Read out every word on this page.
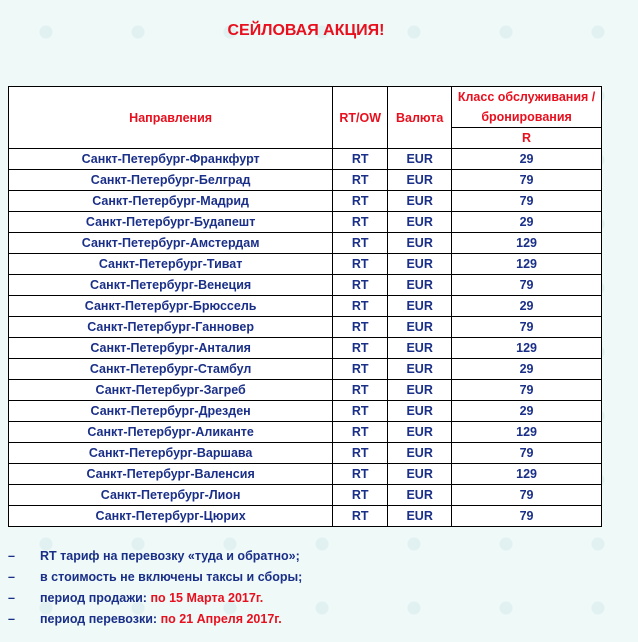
СЕЙЛОВАЯ АКЦИЯ!
Направления	RT/OW	Валюта	Класс обслуживания /
бронирования
			R
Санкт-Петербург-Франкфурт	RT	EUR	29
Санкт-Петербург-Белград	RT	EUR	79
Санкт-Петербург-Мадрид	RT	EUR	79
Санкт-Петербург-Будапешт	RT	EUR	29
Санкт-Петербург-Амстердам	RT	EUR	129
Санкт-Петербург-Тиват	RT	EUR	129
Санкт-Петербург-Венеция	RT	EUR	79
Санкт-Петербург-Брюссель	RT	EUR	29
Санкт-Петербург-Ганновер	RT	EUR	79
Санкт-Петербург-Анталия	RT	EUR	129
Санкт-Петербург-Стамбул	RT	EUR	29
Санкт-Петербург-Загреб	RT	EUR	79
Санкт-Петербург-Дрезден	RT	EUR	29
Санкт-Петербург-Аликанте	RT	EUR	129
Санкт-Петербург-Варшава	RT	EUR	79
Санкт-Петербург-Валенсия	RT	EUR	129
Санкт-Петербург-Лион	RT	EUR	79
Санкт-Петербург-Цюрих	RT	EUR	79
– RT тариф на перевозку «туда и обратно»;
– в стоимость не включены таксы и сборы;
– период продажи: по 15 Марта 2017г.
– период перевозки: по 21 Апреля 2017г.
